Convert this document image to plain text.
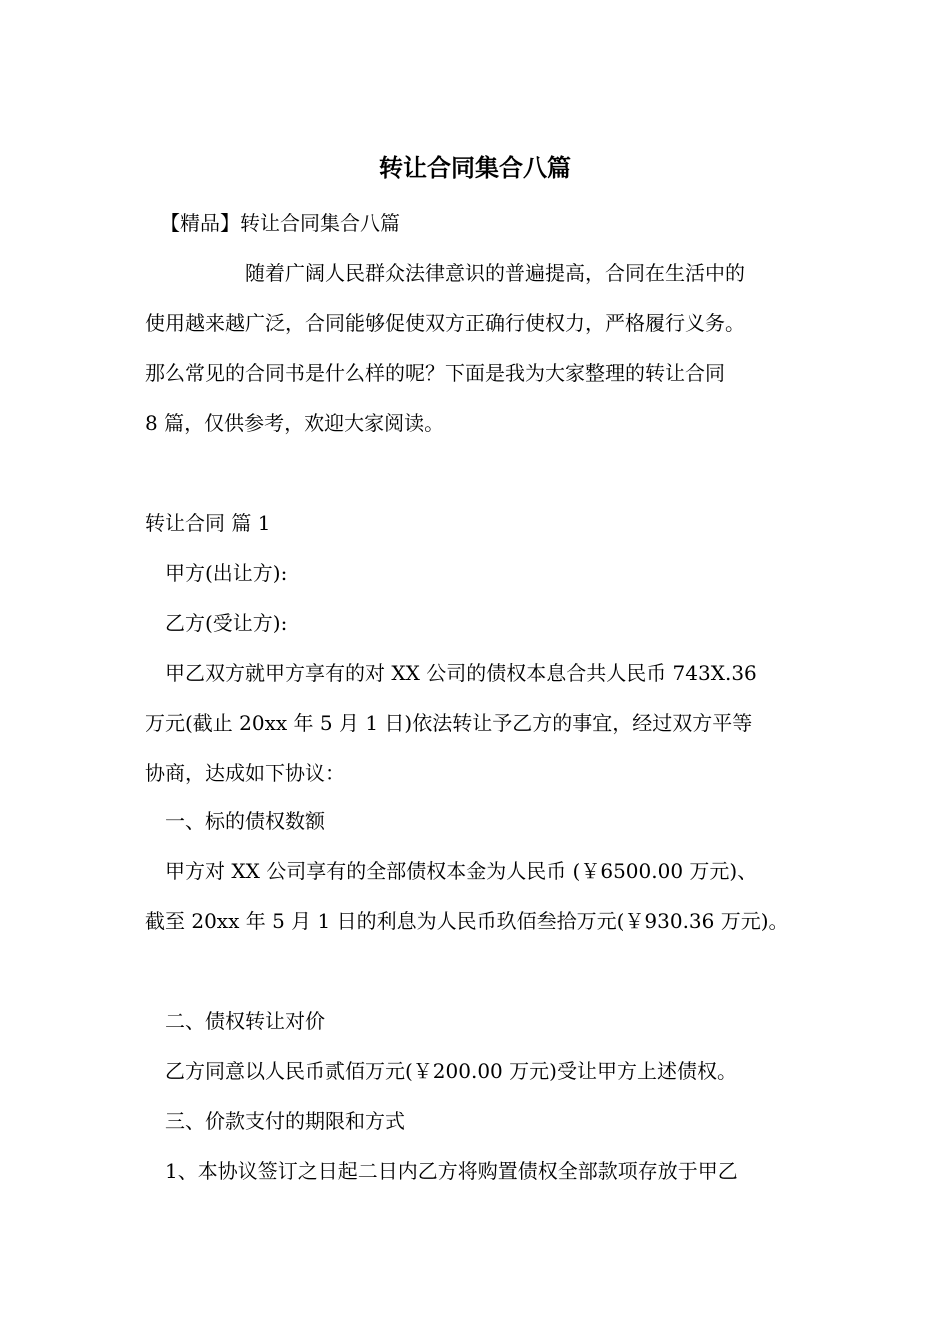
转让合同集合八篇
【精品】转让合同集合八篇
随着广阔人民群众法律意识的普遍提高，合同在生活中的
使用越来越广泛，合同能够促使双方正确行使权力，严格履行义务。
那么常见的合同书是什么样的呢？下面是我为大家整理的转让合同
8 篇，仅供参考，欢迎大家阅读。
转让合同 篇 1
甲方(出让方):
乙方(受让方):
甲乙双方就甲方享有的对 XX 公司的债权本息合共人民币 743X.36
万元(截止 20xx 年 5 月 1 日)依法转让予乙方的事宜，经过双方平等
协商，达成如下协议：
一、标的债权数额
甲方对 XX 公司享有的全部债权本金为人民币 (￥6500.00 万元)、
截至 20xx 年 5 月 1 日的利息为人民币玖佰叁拾万元(￥930.36 万元)。
二、债权转让对价
乙方同意以人民币贰佰万元(￥200.00 万元)受让甲方上述债权。
三、价款支付的期限和方式
1、本协议签订之日起二日内乙方将购置债权全部款项存放于甲乙
